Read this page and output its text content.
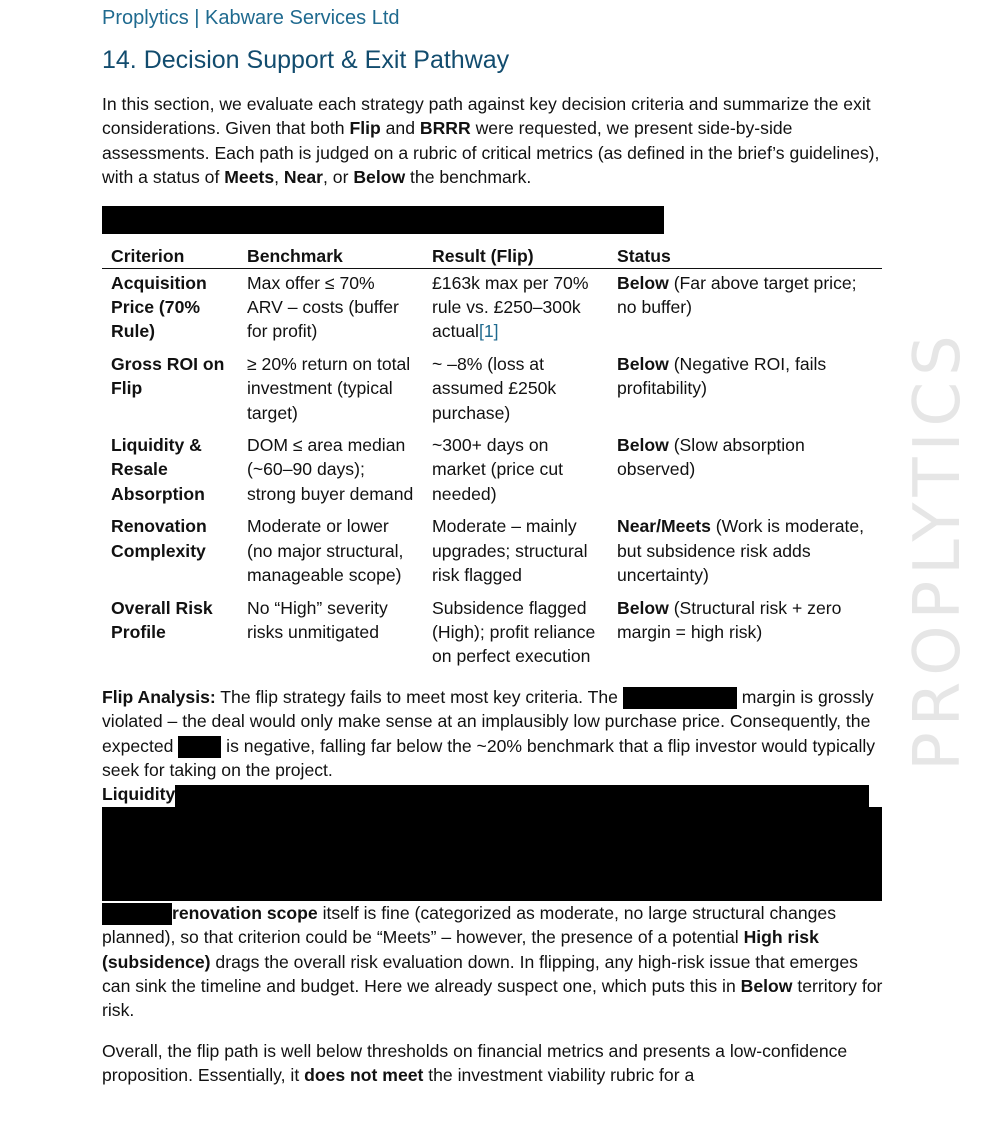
PROPLYTICS
Proplytics | Kabware Services Ltd
14. Decision Support & Exit Pathway

In this section, we evaluate each strategy path against key decision criteria and summarize the exit considerations. Given that both Flip and BRRR were requested, we present side-by-side assessments. Each path is judged on a rubric of critical metrics (as defined in the brief’s guidelines), with a status of Meets, Near, or Below the benchmark.

Criterion	Benchmark	Result (Flip)	Status
Acquisition Price (70% Rule)	Max offer ≤ 70% ARV – costs (buffer for profit)	£163k max per 70% rule vs. £250–300k actual[1]	Below (Far above target price; no buffer)
Gross ROI on Flip	≥ 20% return on total investment (typical target)	~ –8% (loss at assumed £250k purchase)	Below (Negative ROI, fails profitability)
Liquidity & Resale Absorption	DOM ≤ area median (~60–90 days); strong buyer demand	~300+ days on market (price cut needed)	Below (Slow absorption observed)
Renovation Complexity	Moderate or lower (no major structural, manageable scope)	Moderate – mainly upgrades; structural risk flagged	Near/Meets (Work is moderate, but subsidence risk adds uncertainty)
Overall Risk Profile	No “High” severity risks unmitigated	Subsidence flagged (High); profit reliance on perfect execution	Below (Structural risk + zero margin = high risk)

Flip Analysis: The flip strategy fails to meet most key criteria. The	margin is grossly violated – the deal would only make sense at an implausibly low purchase price. Consequently, the expected  is negative, falling far below the ~20% benchmark that a flip investor would typically seek for taking on the project.

Liquidity

renovation scope itself is fine (categorized as moderate, no large structural changes planned), so that criterion could be “Meets” – however, the presence of a potential High risk (subsidence) drags the overall risk evaluation down. In flipping, any high-risk issue that emerges can sink the timeline and budget. Here we already suspect one, which puts this in Below territory for risk.

Overall, the flip path is well below thresholds on financial metrics and presents a low-confidence proposition. Essentially, it does not meet the investment viability rubric for a
